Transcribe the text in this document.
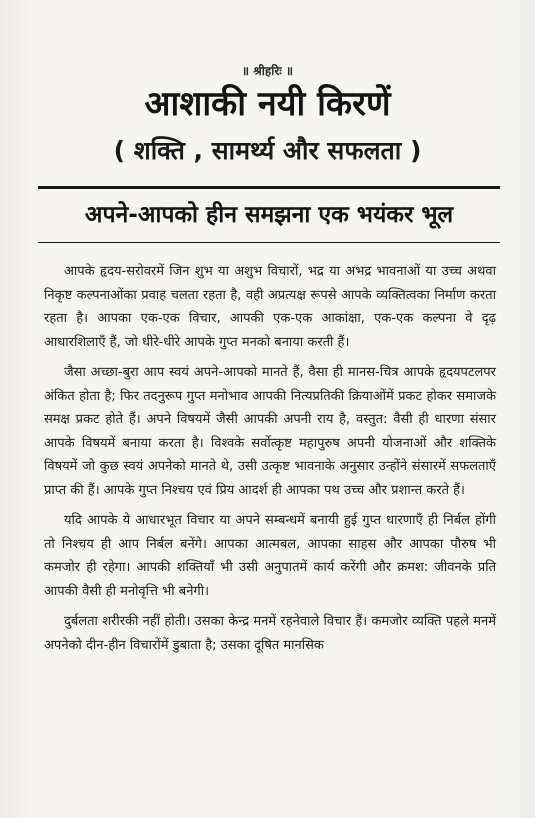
॥ श्रीहरिः ॥
आशाकी नयी किरणें
( शक्ति , सामर्थ्य और सफलता )
अपने-आपको हीन समझना एक भयंकर भूल

आपके हृदय-सरोवरमें जिन शुभ या अशुभ विचारों, भद्र या अभद्र भावनाओं या उच्च अथवा निकृष्ट कल्पनाओंका प्रवाह चलता रहता है, वही अप्रत्यक्ष रूपसे आपके व्यक्तित्वका निर्माण करता रहता है। आपका एक-एक विचार, आपकी एक-एक आकांक्षा, एक-एक कल्पना वे दृढ़ आधारशिलाएँ हैं, जो धीरे-धीरे आपके गुप्त मनको बनाया करती हैं।

जैसा अच्छा-बुरा आप स्वयं अपने-आपको मानते हैं, वैसा ही मानस-चित्र आपके हृदयपटलपर अंकित होता है; फिर तदनुरूप गुप्त मनोभाव आपकी नित्यप्रतिकी क्रियाओंमें प्रकट होकर समाजके समक्ष प्रकट होते हैं। अपने विषयमें जैसी आपकी अपनी राय है, वस्तुत: वैसी ही धारणा संसार आपके विषयमें बनाया करता है। विश्वके सर्वोत्कृष्ट महापुरुष अपनी योजनाओं और शक्तिके विषयमें जो कुछ स्वयं अपनेको मानते थे, उसी उत्कृष्ट भावनाके अनुसार उन्होंने संसारमें सफलताएँ प्राप्त की हैं। आपके गुप्त निश्चय एवं प्रिय आदर्श ही आपका पथ उच्च और प्रशान्त करते हैं।

यदि आपके ये आधारभूत विचार या अपने सम्बन्धमें बनायी हुई गुप्त धारणाएँ ही निर्बल होंगी तो निश्चय ही आप निर्बल बनेंगे। आपका आत्मबल, आपका साहस और आपका पौरुष भी कमजोर ही रहेगा। आपकी शक्तियाँ भी उसी अनुपातमें कार्य करेंगी और क्रमश: जीवनके प्रति आपकी वैसी ही मनोवृत्ति भी बनेगी।

दुर्बलता शरीरकी नहीं होती। उसका केन्द्र मनमें रहनेवाले विचार हैं। कमजोर व्यक्ति पहले मनमें अपनेको दीन-हीन विचारोंमें डुबाता है; उसका दूषित मानसिक
